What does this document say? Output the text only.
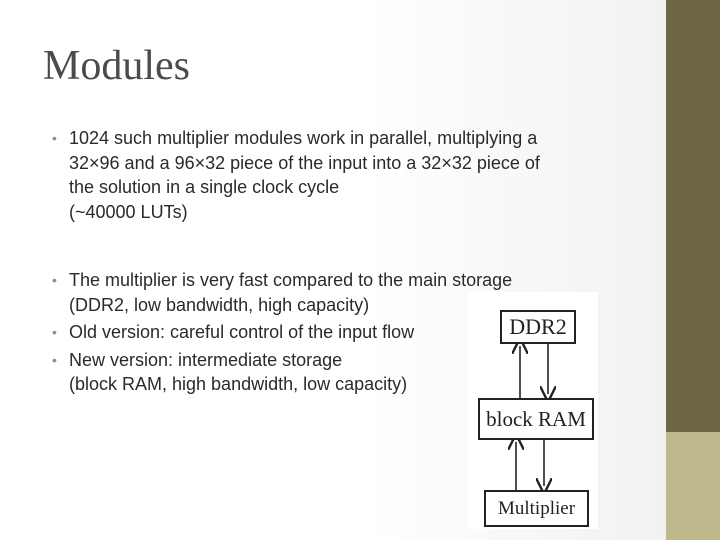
Modules
• 1024 such multiplier modules work in parallel, multiplying a
32×96 and a 96×32 piece of the input into a 32×32 piece of
the solution in a single clock cycle
(~40000 LUTs)
• The multiplier is very fast compared to the main storage
(DDR2, low bandwidth, high capacity)
• Old version: careful control of the input flow
• New version: intermediate storage
(block RAM, high bandwidth, low capacity)
DDR2
block RAM
Multiplier
